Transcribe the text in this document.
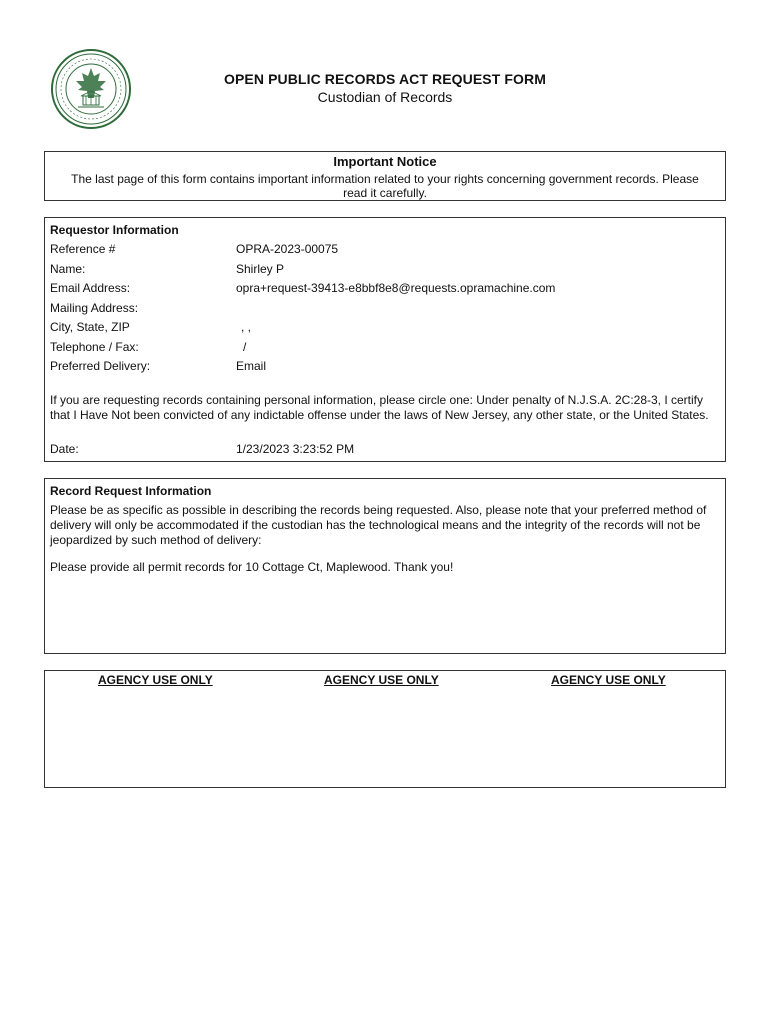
OPEN PUBLIC RECORDS ACT REQUEST FORM
Custodian of Records
Important Notice
The last page of this form contains important information related to your rights concerning government records. Please read it carefully.
Requestor Information
Reference #	OPRA-2023-00075
Name:	Shirley P
Email Address:	opra+request-39413-e8bbf8e8@requests.opramachine.com
Mailing Address:
City, State, ZIP	, ,
Telephone / Fax:	/
Preferred Delivery:	Email
If you are requesting records containing personal information, please circle one: Under penalty of N.J.S.A. 2C:28-3, I certify that I Have Not been convicted of any indictable offense under the laws of New Jersey, any other state, or the United States.
Date:	1/23/2023 3:23:52 PM
Record Request Information
Please be as specific as possible in describing the records being requested. Also, please note that your preferred method of delivery will only be accommodated if the custodian has the technological means and the integrity of the records will not be jeopardized by such method of delivery:
Please provide all permit records for 10 Cottage Ct, Maplewood. Thank you!
AGENCY USE ONLY	AGENCY USE ONLY	AGENCY USE ONLY
